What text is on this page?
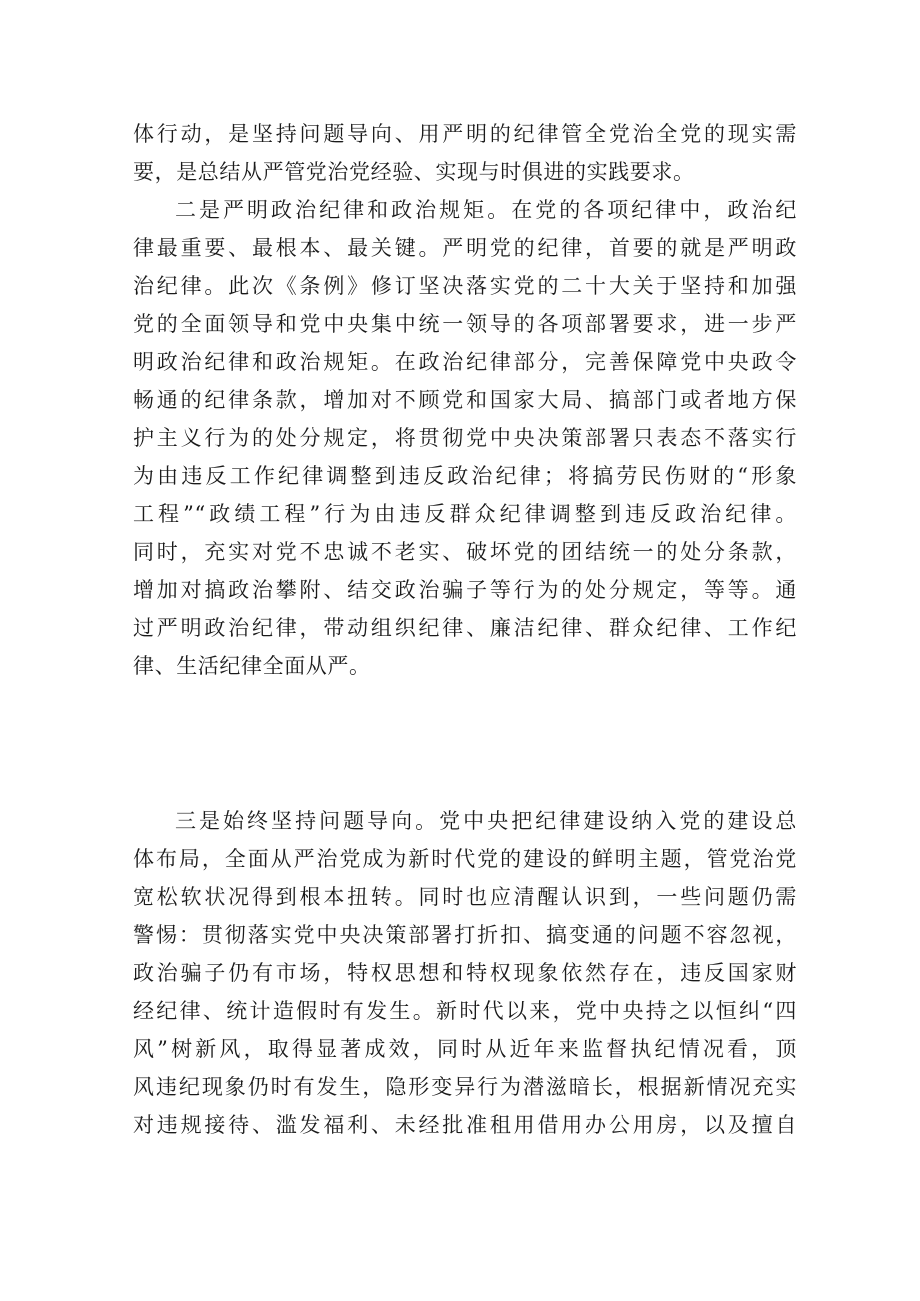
体行动，是坚持问题导向、用严明的纪律管全党治全党的现实需
要，是总结从严管党治党经验、实现与时俱进的实践要求。
二是严明政治纪律和政治规矩。在党的各项纪律中，政治纪
律最重要、最根本、最关键。严明党的纪律，首要的就是严明政
治纪律。此次《条例》修订坚决落实党的二十大关于坚持和加强
党的全面领导和党中央集中统一领导的各项部署要求，进一步严
明政治纪律和政治规矩。在政治纪律部分，完善保障党中央政令
畅通的纪律条款，增加对不顾党和国家大局、搞部门或者地方保
护主义行为的处分规定，将贯彻党中央决策部署只表态不落实行
为由违反工作纪律调整到违反政治纪律；将搞劳民伤财的“形象
工程”“政绩工程”行为由违反群众纪律调整到违反政治纪律。
同时，充实对党不忠诚不老实、破坏党的团结统一的处分条款，
增加对搞政治攀附、结交政治骗子等行为的处分规定，等等。通
过严明政治纪律，带动组织纪律、廉洁纪律、群众纪律、工作纪
律、生活纪律全面从严。
三是始终坚持问题导向。党中央把纪律建设纳入党的建设总
体布局，全面从严治党成为新时代党的建设的鲜明主题，管党治党
宽松软状况得到根本扭转。同时也应清醒认识到，一些问题仍需
警惕：贯彻落实党中央决策部署打折扣、搞变通的问题不容忽视，
政治骗子仍有市场，特权思想和特权现象依然存在，违反国家财
经纪律、统计造假时有发生。新时代以来，党中央持之以恒纠“四
风”树新风，取得显著成效，同时从近年来监督执纪情况看，顶
风违纪现象仍时有发生，隐形变异行为潜滋暗长，根据新情况充实
对违规接待、滥发福利、未经批准租用借用办公用房，以及擅自
